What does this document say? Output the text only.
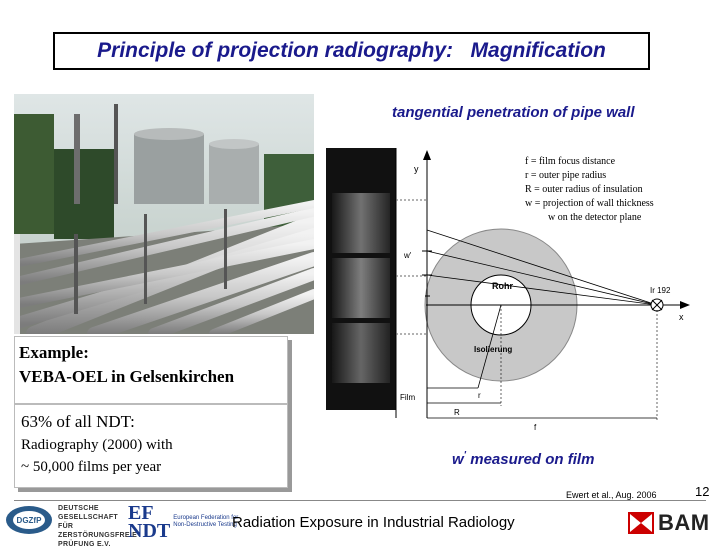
Principle of projection radiography:   Magnification
tangential penetration of pipe wall
y
x
w'
Ir 192
Rohr
Isolierung
Film	r
R
f
f = film focus distance
r = outer pipe radius
R = outer radius of insulation
w = projection of wall thickness
w on the detector plane
Example:
VEBA-OEL in Gelsenkirchen
63% of all NDT:
Radiography (2000) with
~ 50,000 films per year	w' measured on film
Ewert et al., Aug. 2006	12
DGZfP
DEUTSCHE
GESELLSCHAFT FÜR
ZERSTÖRUNGSFREIE
PRÜFUNG E.V.
EF
NDT
European Federation for
Non-Destructive Testing
Radiation Exposure in Industrial Radiology	BAM
